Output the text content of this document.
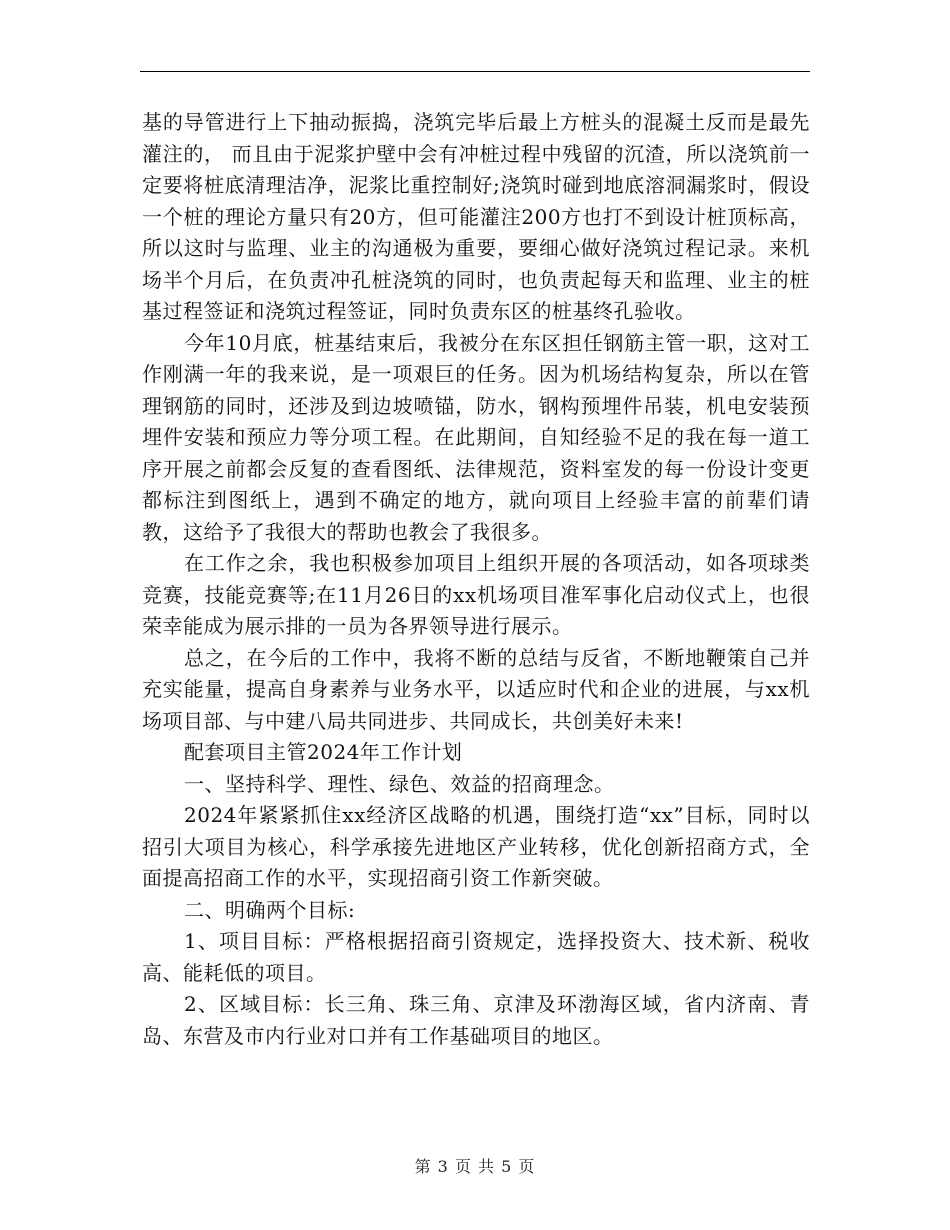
基的导管进行上下抽动振捣，浇筑完毕后最上方桩头的混凝土反而是最先灌注的， 而且由于泥浆护壁中会有冲桩过程中残留的沉渣，所以浇筑前一定要将桩底清理洁净，泥浆比重控制好;浇筑时碰到地底溶洞漏浆时，假设一个桩的理论方量只有20方，但可能灌注200方也打不到设计桩顶标高，所以这时与监理、业主的沟通极为重要，要细心做好浇筑过程记录。来机场半个月后，在负责冲孔桩浇筑的同时，也负责起每天和监理、业主的桩基过程签证和浇筑过程签证，同时负责东区的桩基终孔验收。

今年10月底，桩基结束后，我被分在东区担任钢筋主管一职，这对工作刚满一年的我来说，是一项艰巨的任务。因为机场结构复杂，所以在管理钢筋的同时，还涉及到边坡喷锚，防水，钢构预埋件吊装，机电安装预埋件安装和预应力等分项工程。在此期间，自知经验不足的我在每一道工序开展之前都会反复的查看图纸、法律规范，资料室发的每一份设计变更都标注到图纸上，遇到不确定的地方，就向项目上经验丰富的前辈们请教，这给予了我很大的帮助也教会了我很多。

在工作之余，我也积极参加项目上组织开展的各项活动，如各项球类竞赛，技能竞赛等;在11月26日的xx机场项目准军事化启动仪式上，也很荣幸能成为展示排的一员为各界领导进行展示。

总之，在今后的工作中，我将不断的总结与反省，不断地鞭策自己并充实能量，提高自身素养与业务水平，以适应时代和企业的进展，与xx机场项目部、与中建八局共同进步、共同成长，共创美好未来!

配套项目主管2024年工作计划

一、坚持科学、理性、绿色、效益的招商理念。

2024年紧紧抓住xx经济区战略的机遇，围绕打造“xx”目标，同时以招引大项目为核心，科学承接先进地区产业转移，优化创新招商方式，全面提高招商工作的水平，实现招商引资工作新突破。

二、明确两个目标:

1、项目目标：严格根据招商引资规定，选择投资大、技术新、税收高、能耗低的项目。

2、区域目标：长三角、珠三角、京津及环渤海区域，省内济南、青岛、东营及市内行业对口并有工作基础项目的地区。

第 3 页 共 5 页
